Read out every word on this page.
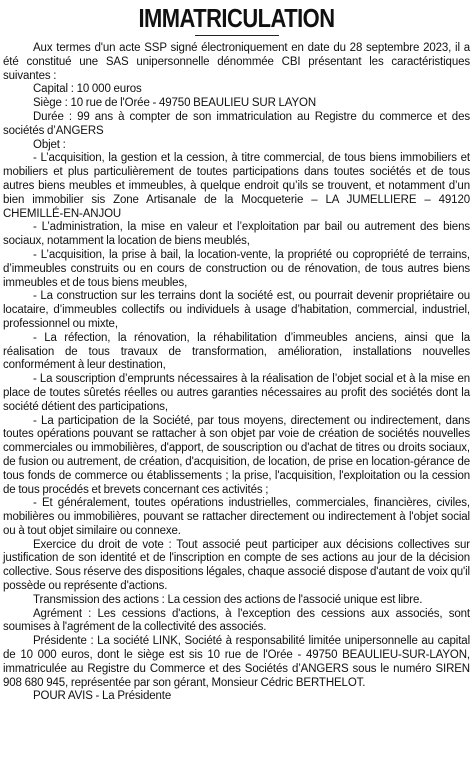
IMMATRICULATION

Aux termes d'un acte SSP signé électroniquement en date du 28 septembre 2023, il a été constitué une SAS unipersonnelle dénommée CBI présentant les caractéristiques suivantes :

Capital : 10 000 euros

Siège : 10 rue de l'Orée - 49750 BEAULIEU SUR LAYON

Durée : 99 ans à compter de son immatriculation au Registre du commerce et des sociétés d’ANGERS

Objet :

- L’acquisition, la gestion et la cession, à titre commercial, de tous biens immobiliers et mobiliers et plus particulièrement de toutes participations dans toutes sociétés et de tous autres biens meubles et immeubles, à quelque endroit qu’ils se trouvent, et notamment d’un bien immobilier sis Zone Artisanale de la Mocqueterie – LA JUMELLIERE – 49120 CHEMILLÉ-EN-ANJOU

- L’administration, la mise en valeur et l’exploitation par bail ou autrement des biens sociaux, notamment la location de biens meublés,

- L’acquisition, la prise à bail, la location-vente, la propriété ou copropriété de terrains, d’immeubles construits ou en cours de construction ou de rénovation, de tous autres biens immeubles et de tous biens meubles,

- La construction sur les terrains dont la société est, ou pourrait devenir propriétaire ou locataire, d’immeubles collectifs ou individuels à usage d’habitation, commercial, industriel, professionnel ou mixte,

- La réfection, la rénovation, la réhabilitation d’immeubles anciens, ainsi que la réalisation de tous travaux de transformation, amélioration, installations nouvelles conformément à leur destination,

- La souscription d’emprunts nécessaires à la réalisation de l’objet social et à la mise en place de toutes sûretés réelles ou autres garanties nécessaires au profit des sociétés dont la société détient des participations,

- La participation de la Société, par tous moyens, directement ou indirectement, dans toutes opérations pouvant se rattacher à son objet par voie de création de sociétés nouvelles commerciales ou immobilières, d'apport, de souscription ou d'achat de titres ou droits sociaux, de fusion ou autrement, de création, d'acquisition, de location, de prise en location-gérance de tous fonds de commerce ou établissements ; la prise, l'acquisition, l'exploitation ou la cession de tous procédés et brevets concernant ces activités ;

- Et généralement, toutes opérations industrielles, commerciales, financières, civiles, mobilières ou immobilières, pouvant se rattacher directement ou indirectement à l'objet social ou à tout objet similaire ou connexe.

Exercice du droit de vote : Tout associé peut participer aux décisions collectives sur justification de son identité et de l'inscription en compte de ses actions au jour de la décision collective. Sous réserve des dispositions légales, chaque associé dispose d'autant de voix qu'il possède ou représente d'actions.

Transmission des actions : La cession des actions de l'associé unique est libre.

Agrément : Les cessions d'actions, à l'exception des cessions aux associés, sont soumises à l'agrément de la collectivité des associés.

Présidente : La société LINK, Société à responsabilité limitée unipersonnelle au capital de 10 000 euros, dont le siège est sis 10 rue de l'Orée - 49750 BEAULIEU-SUR-LAYON, immatriculée au Registre du Commerce et des Sociétés d’ANGERS sous le numéro SIREN 908 680 945, représentée par son gérant, Monsieur Cédric BERTHELOT.

POUR AVIS - La Présidente
